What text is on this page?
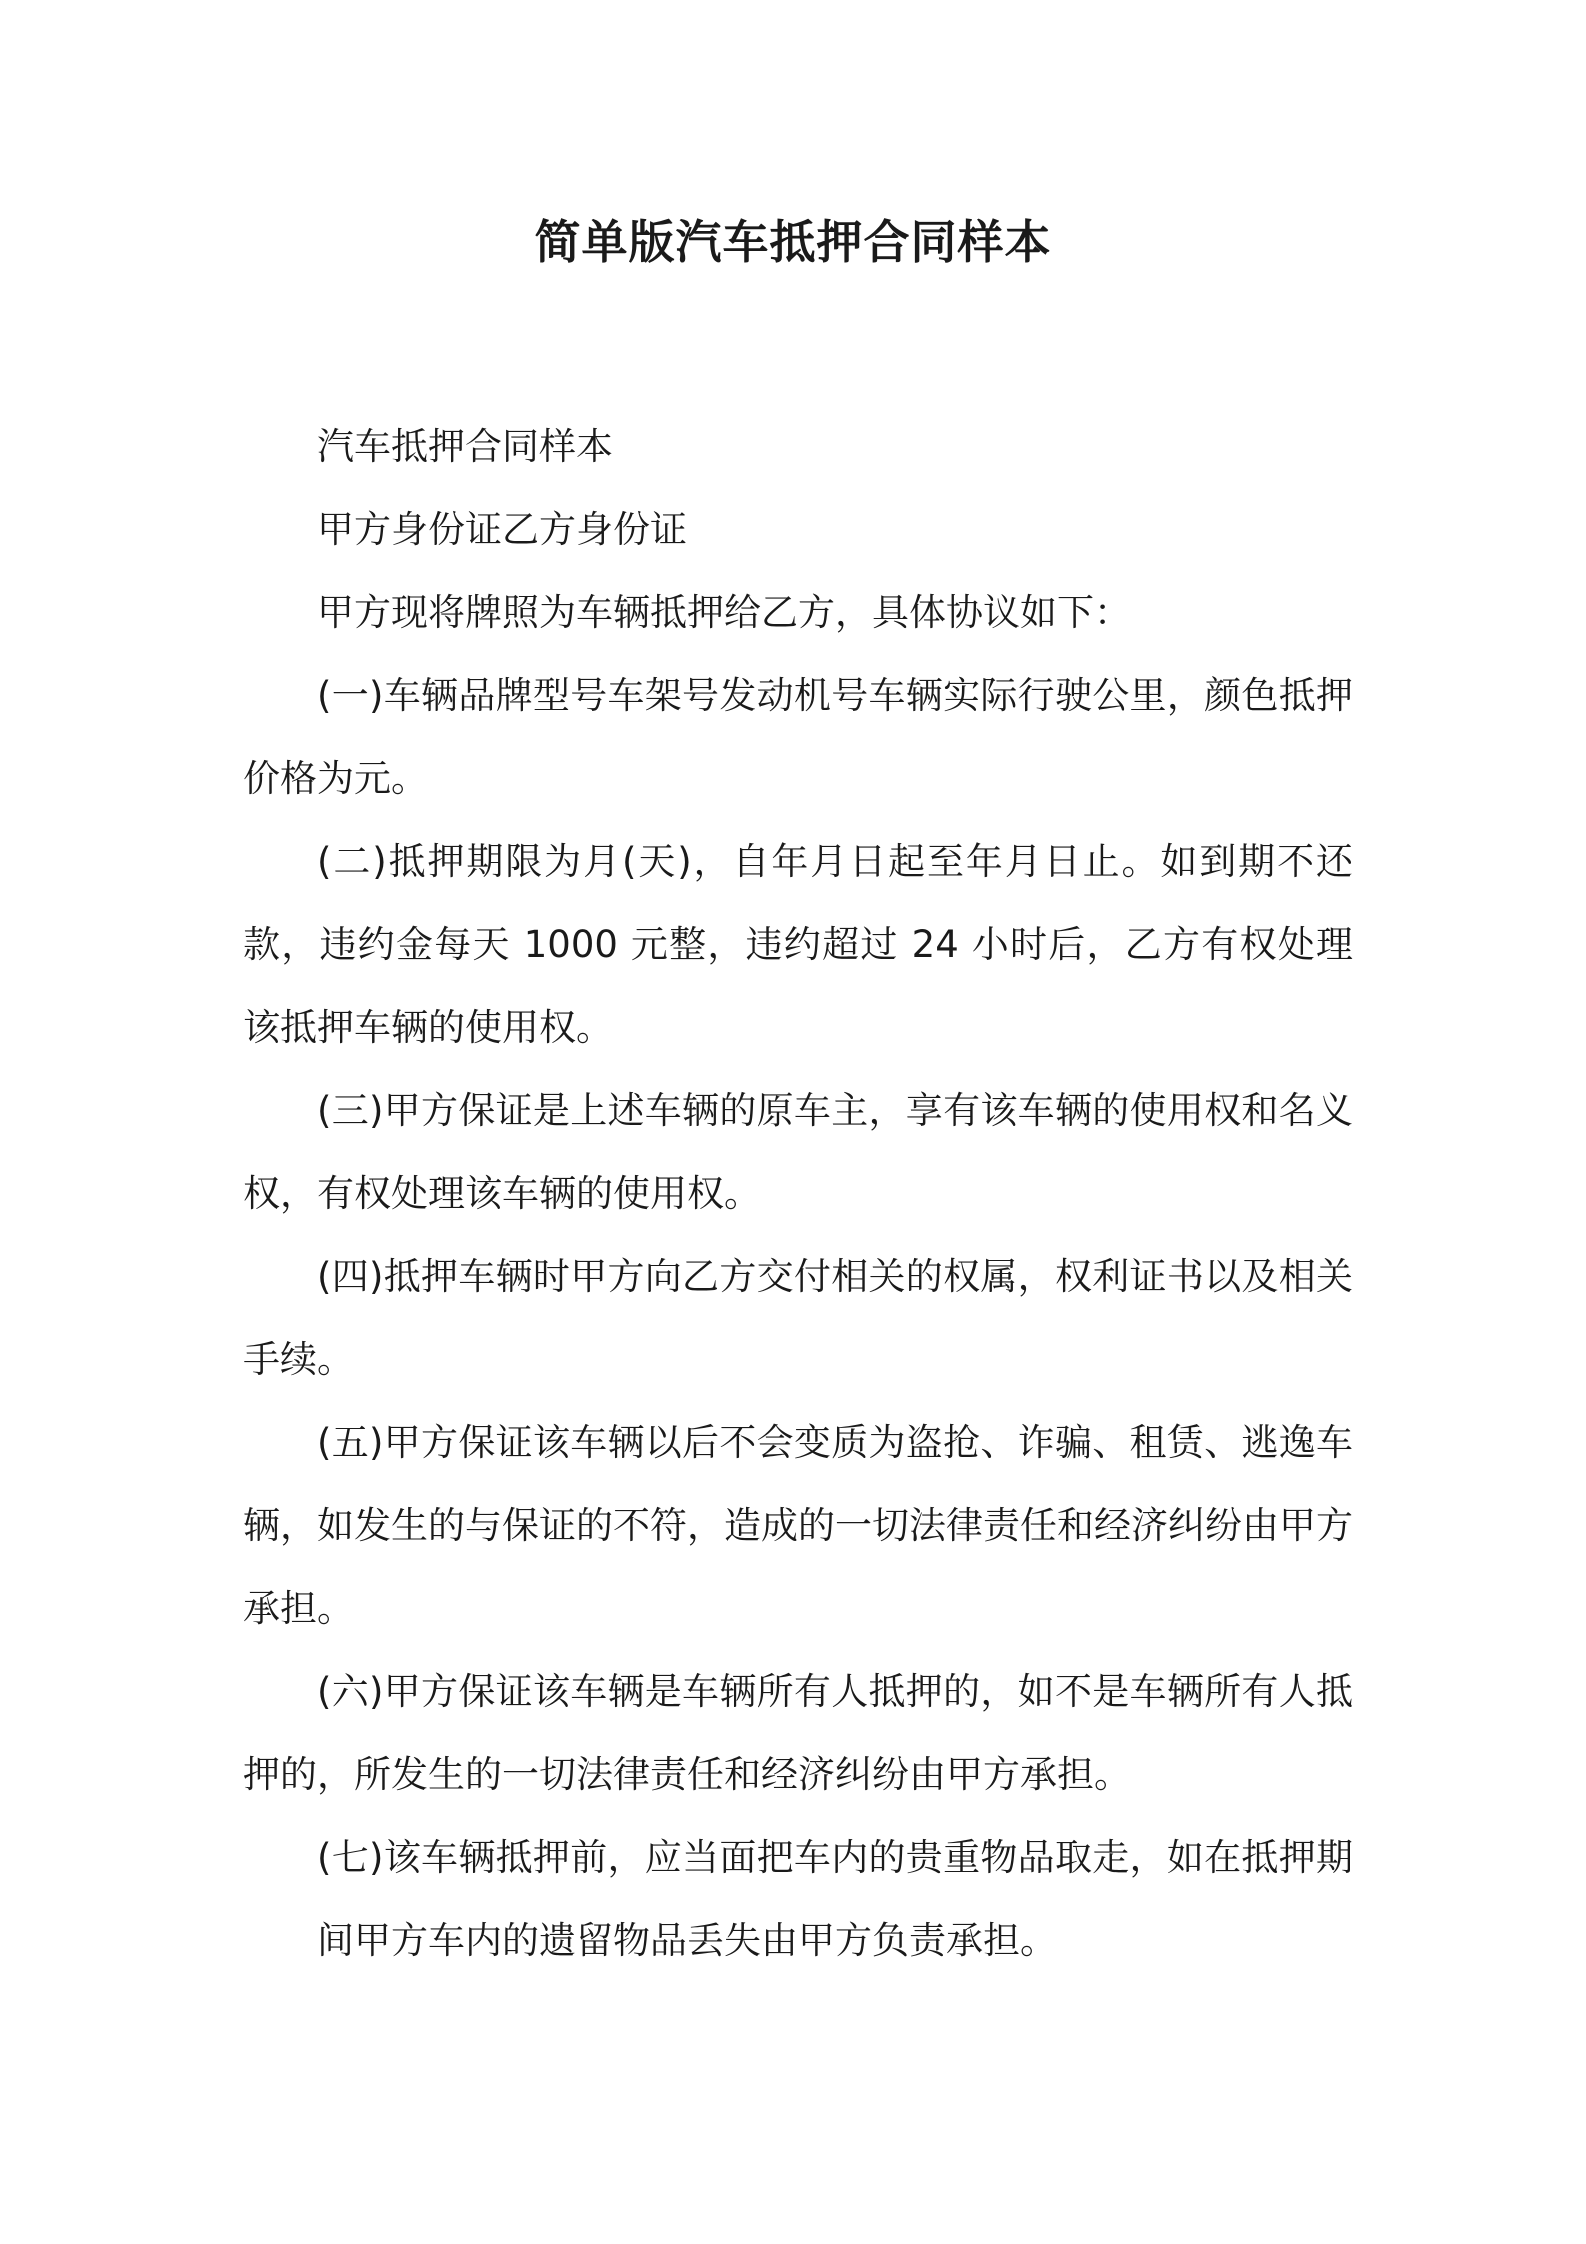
简单版汽车抵押合同样本

汽车抵押合同样本

甲方身份证乙方身份证

甲方现将牌照为车辆抵押给乙方，具体协议如下：

(一)车辆品牌型号车架号发动机号车辆实际行驶公里，颜色抵押价格为元。

(二)抵押期限为月(天)，自年月日起至年月日止。如到期不还款，违约金每天 1000 元整，违约超过 24 小时后，乙方有权处理该抵押车辆的使用权。

(三)甲方保证是上述车辆的原车主，享有该车辆的使用权和名义权，有权处理该车辆的使用权。

(四)抵押车辆时甲方向乙方交付相关的权属，权利证书以及相关手续。

(五)甲方保证该车辆以后不会变质为盗抢、诈骗、租赁、逃逸车辆，如发生的与保证的不符，造成的一切法律责任和经济纠纷由甲方承担。

(六)甲方保证该车辆是车辆所有人抵押的，如不是车辆所有人抵押的，所发生的一切法律责任和经济纠纷由甲方承担。

(七)该车辆抵押前，应当面把车内的贵重物品取走，如在抵押期间甲方车内的遗留物品丢失由甲方负责承担。
